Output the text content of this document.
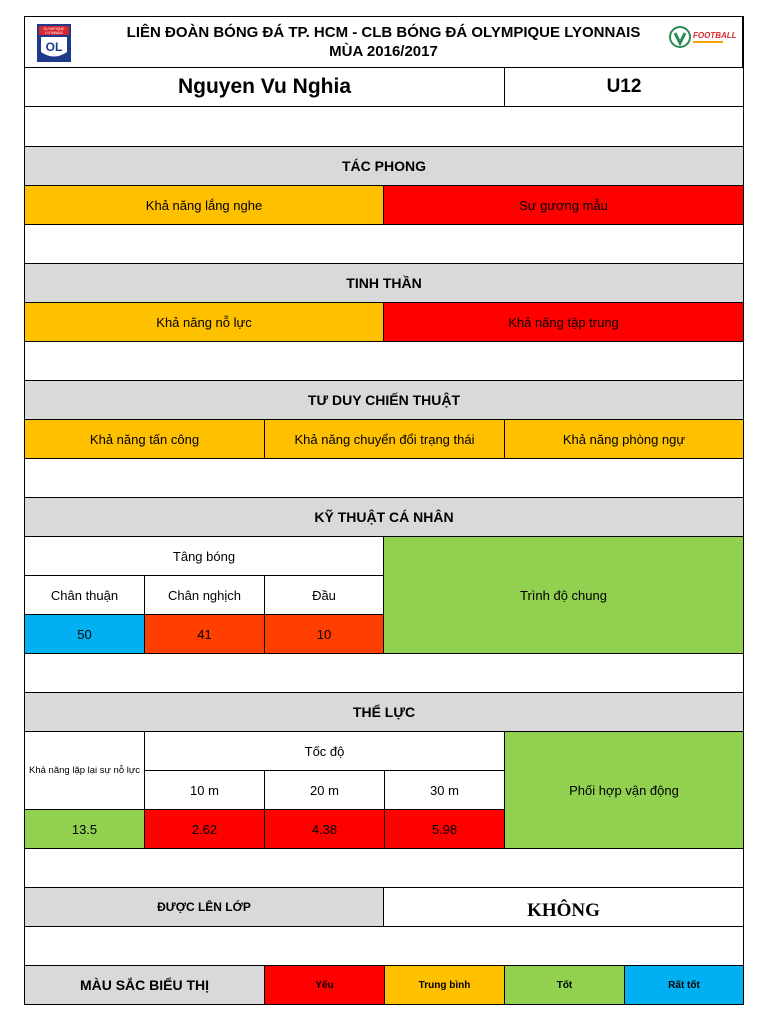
OLYMPIQUE
LYONNAIS
OL
LIÊN ĐOÀN BÓNG ĐÁ TP. HCM - CLB BÓNG ĐÁ OLYMPIQUE LYONNAIS
MÙA 2016/2017
FOOTBALL
Nguyen Vu Nghia	U12
TÁC PHONG
Khả năng lắng nghe	Sự gương mẫu
TINH THẦN
Khả năng nỗ lực	Khả năng tập trung
TƯ DUY CHIẾN THUẬT
Khả năng tấn công	Khả năng chuyển đổi trạng thái	Khả năng phòng ngự
KỸ THUẬT CÁ NHÂN
Tâng bóng
Chân thuận	Chân nghịch	Đầu
50	41	10
Trình độ chung
THỂ LỰC
Khả năng lặp lại sự nỗ lực
13.5
Tốc độ
10 m	20 m	30 m
2.62	4.38	5.98
Phối hợp vận động
ĐƯỢC LÊN LỚP	KHÔNG
MÀU SẮC BIỂU THỊ	Yếu	Trung bình	Tốt	Rất tốt
